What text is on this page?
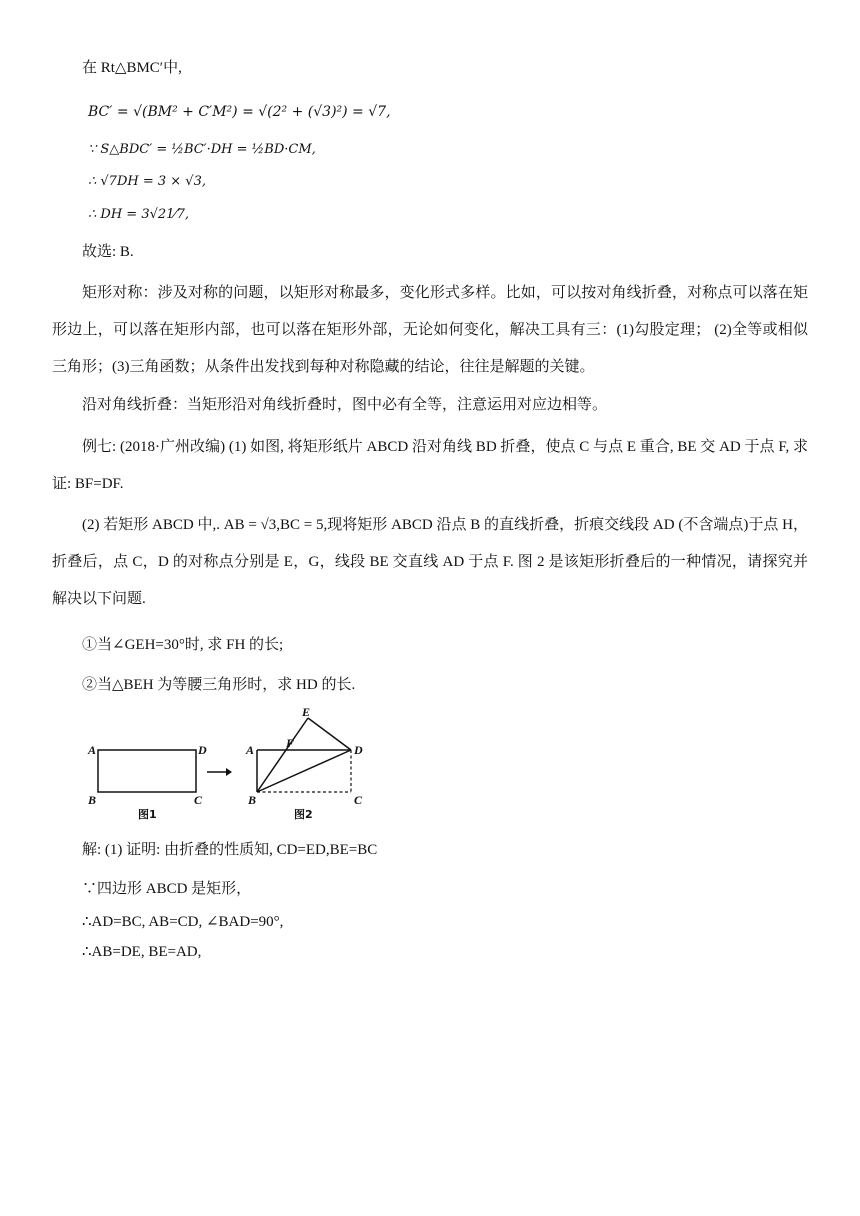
在 Rt△BMC′中,
BC′ = √(BM² + C′M²) = √(2² + (√3)²) = √7,
∵ S△BDC′ = ½BC′·DH = ½BD·CM,
∴ √7DH = 3 × √3,
∴ DH = 3√21⁄7,
故选: B.
矩形对称：涉及对称的问题，以矩形对称最多，变化形式多样。比如，可以按对角线折叠，对称点可以落在矩形边上，可以落在矩形内部，也可以落在矩形外部，无论如何变化，解决工具有三：(1)勾股定理； (2)全等或相似三角形；(3)三角函数；从条件出发找到每种对称隐藏的结论，往往是解题的关键。
沿对角线折叠：当矩形沿对角线折叠时，图中必有全等，注意运用对应边相等。
例七: (2018·广州改编) (1) 如图, 将矩形纸片 ABCD 沿对角线 BD 折叠，使点 C 与点 E 重合, BE 交 AD 于点 F, 求证: BF=DF.
(2) 若矩形 ABCD 中,. AB = √3,BC = 5,现将矩形 ABCD 沿点 B 的直线折叠，折痕交线段 AD (不含端点)于点 H，折叠后，点 C，D 的对称点分别是 E，G，线段 BE 交直线 AD 于点 F. 图 2 是该矩形折叠后的一种情况，请探究并解决以下问题.
①当∠GEH=30°时, 求 FH 的长;
②当△BEH 为等腰三角形时，求 HD 的长.
A	D
B	C
图1
A
E
F	D
B	C
图2
解: (1) 证明: 由折叠的性质知, CD=ED,BE=BC
∵四边形 ABCD 是矩形，
∴AD=BC, AB=CD, ∠BAD=90°,
∴AB=DE, BE=AD,
